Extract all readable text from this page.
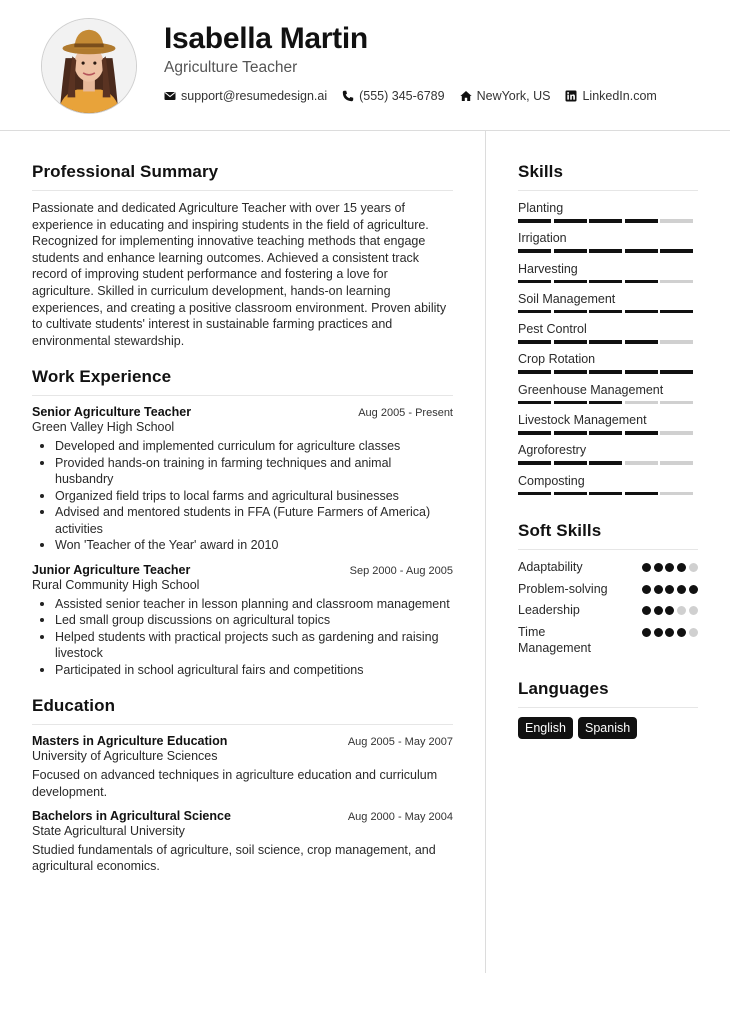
Isabella Martin
Agriculture Teacher
support@resumedesign.ai	(555) 345-6789	NewYork, US	LinkedIn.com
Professional Summary
Passionate and dedicated Agriculture Teacher with over 15 years of experience in educating and inspiring students in the field of agriculture. Recognized for implementing innovative teaching methods that engage students and enhance learning outcomes. Achieved a consistent track record of improving student performance and fostering a love for agriculture. Skilled in curriculum development, hands-on learning experiences, and creating a positive classroom environment. Proven ability to cultivate students' interest in sustainable farming practices and environmental stewardship.
Work Experience
Senior Agriculture Teacher	Aug 2005 - Present
Green Valley High School
Developed and implemented curriculum for agriculture classes
Provided hands-on training in farming techniques and animal husbandry
Organized field trips to local farms and agricultural businesses
Advised and mentored students in FFA (Future Farmers of America) activities
Won 'Teacher of the Year' award in 2010
Junior Agriculture Teacher	Sep 2000 - Aug 2005
Rural Community High School
Assisted senior teacher in lesson planning and classroom management
Led small group discussions on agricultural topics
Helped students with practical projects such as gardening and raising livestock
Participated in school agricultural fairs and competitions
Education
Masters in Agriculture Education	Aug 2005 - May 2007
University of Agriculture Sciences
Focused on advanced techniques in agriculture education and curriculum development.
Bachelors in Agricultural Science	Aug 2000 - May 2004
State Agricultural University
Studied fundamentals of agriculture, soil science, crop management, and agricultural economics.
Skills
Planting
Irrigation
Harvesting
Soil Management
Pest Control
Crop Rotation
Greenhouse Management
Livestock Management
Agroforestry
Composting
Soft Skills
Adaptability
Problem-solving
Leadership
Time Management
Languages
English	Spanish
